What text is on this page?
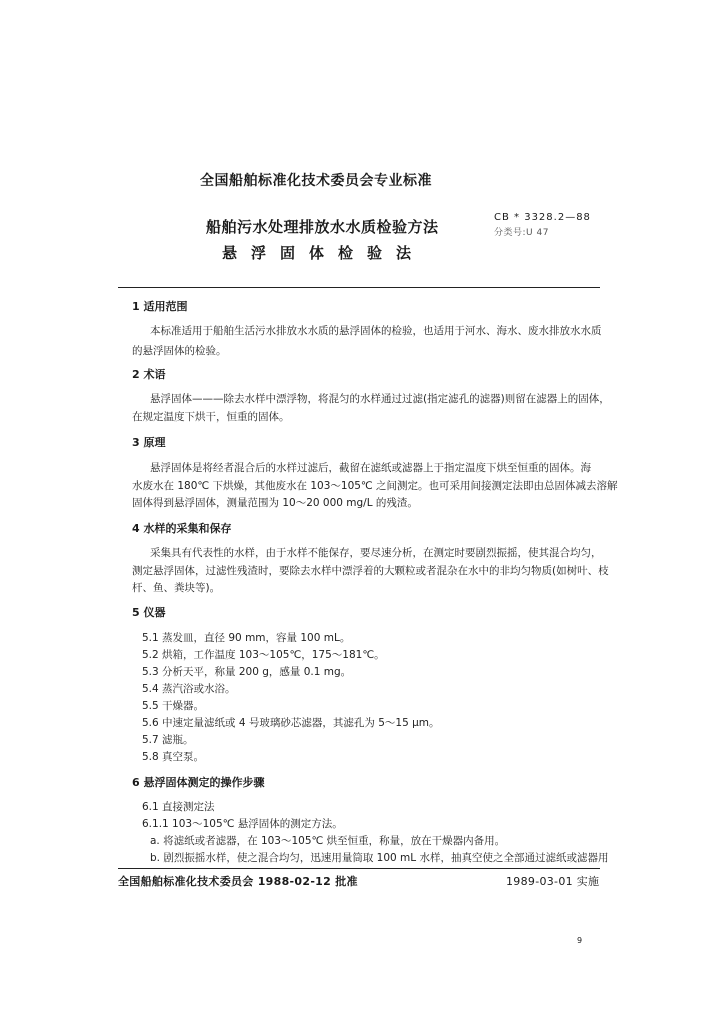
全国船舶标准化技术委员会专业标准
船舶污水处理排放水水质检验方法
悬浮固体检验法
CB * 3328.2—88
分类号:U 47
1 适用范围
本标准适用于船舶生活污水排放水水质的悬浮固体的检验，也适用于河水、海水、废水排放水水质
的悬浮固体的检验。
2 术语
悬浮固体———除去水样中漂浮物，将混匀的水样通过过滤(指定滤孔的滤器)则留在滤器上的固体，
在规定温度下烘干，恒重的固体。
3 原理
悬浮固体是将经者混合后的水样过滤后，截留在滤纸或滤器上于指定温度下烘至恒重的固体。海
水废水在 180℃ 下烘燥，其他废水在 103～105℃ 之间测定。也可采用间接测定法即由总固体减去溶解
固体得到悬浮固体，测量范围为 10～20 000 mg/L 的残渣。
4 水样的采集和保存
采集具有代表性的水样，由于水样不能保存，要尽速分析，在测定时要剧烈振摇，使其混合均匀，
测定悬浮固体，过滤性残渣时，要除去水样中漂浮着的大颗粒或者混杂在水中的非均匀物质(如树叶、枝
杆、鱼、粪块等)。
5 仪器
5.1 蒸发皿，直径 90 mm，容量 100 mL。
5.2 烘箱，工作温度 103～105℃，175～181℃。
5.3 分析天平，称量 200 g，感量 0.1 mg。
5.4 蒸汽浴或水浴。
5.5 干燥器。
5.6 中速定量滤纸或 4 号玻璃砂芯滤器，其滤孔为 5～15 μm。
5.7 滤瓶。
5.8 真空泵。
6 悬浮固体测定的操作步骤
6.1 直接测定法
6.1.1 103～105℃ 悬浮固体的测定方法。
a. 将滤纸或者滤器，在 103～105℃ 烘至恒重，称量，放在干燥器内备用。
b. 剧烈振摇水样，使之混合均匀，迅速用量筒取 100 mL 水样，抽真空使之全部通过滤纸或滤器用
全国船舶标准化技术委员会 1988-02-12 批准	1989-03-01 实施
9
